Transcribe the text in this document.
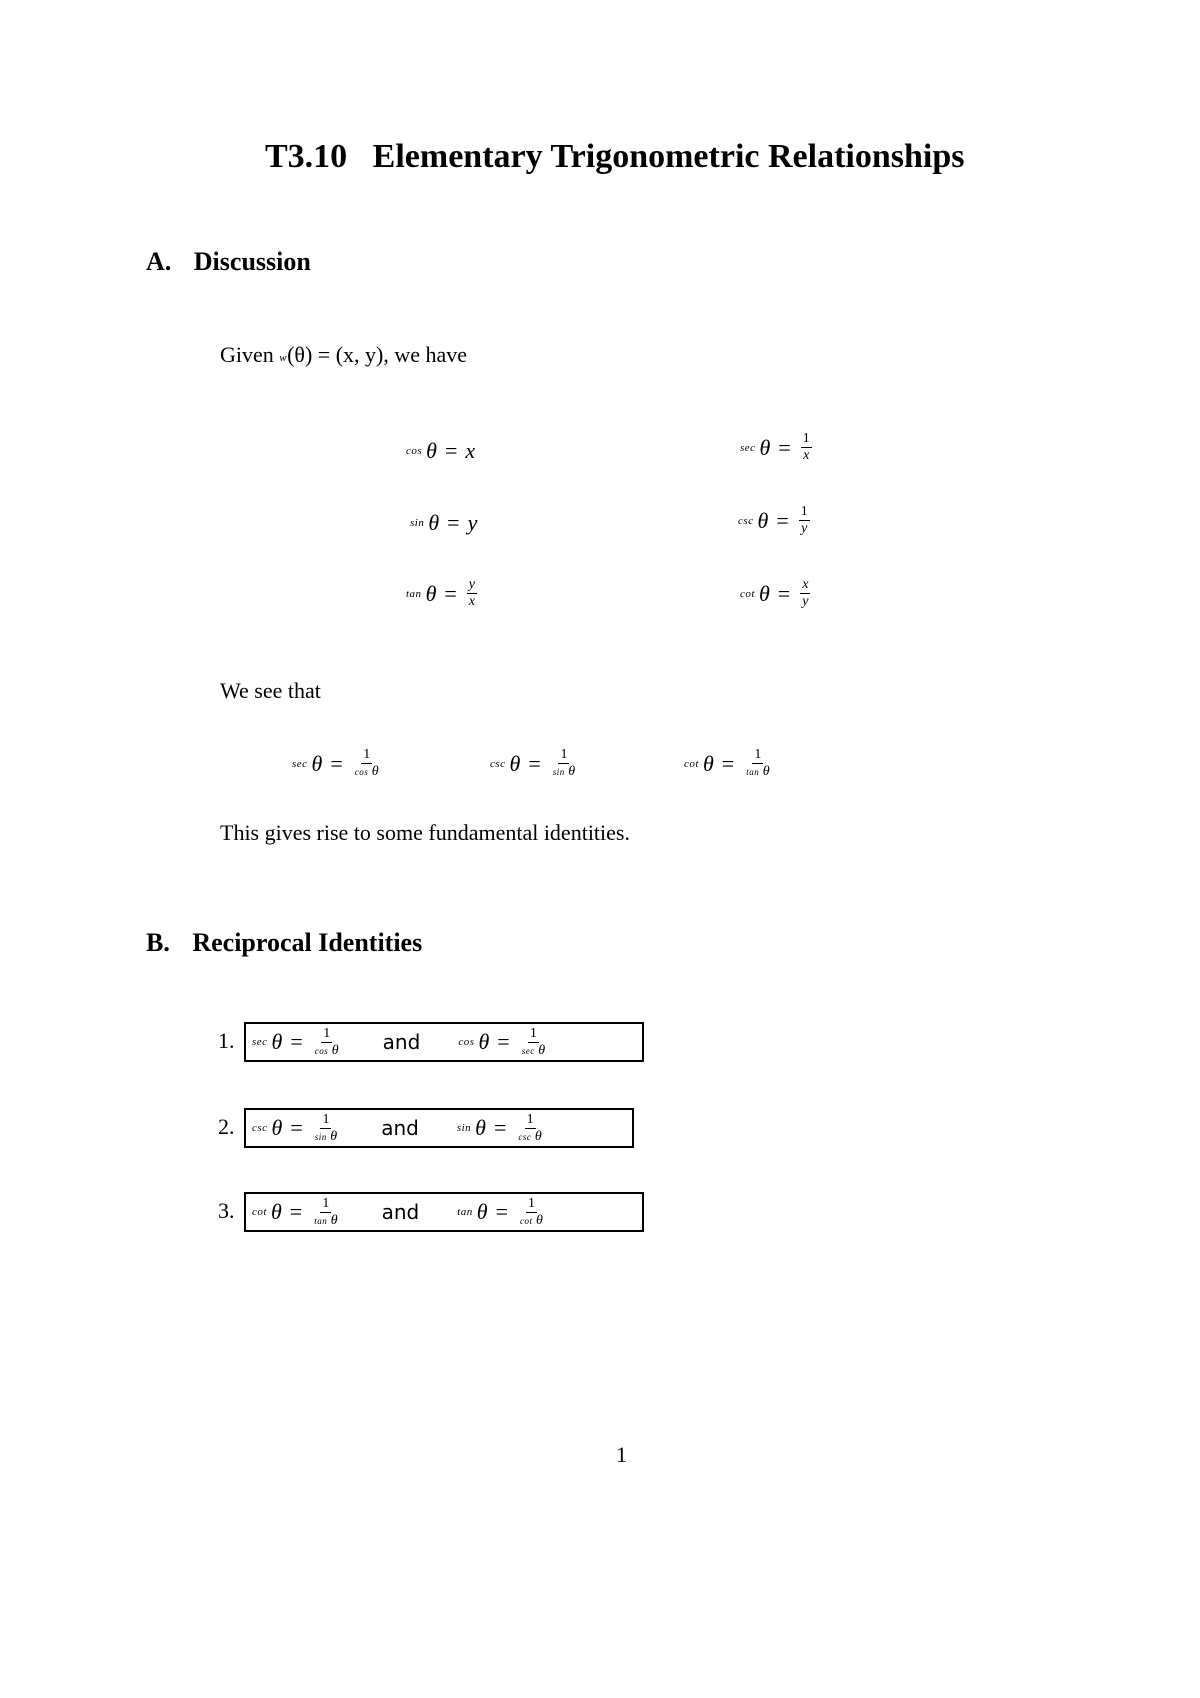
T3.10   Elementary Trigonometric Relationships
A. Discussion
Given w(θ) = (x, y), we have
cos θ = x	$\sec \theta = \frac{1}{x}$
sin θ = y	$\csc \theta = \frac{1}{y}$
$\tan \theta = \frac{y}{x}$	$\cot \theta = \frac{x}{y}$
We see that
$\sec \theta = \frac{1}{\text{cos θ}}$	$\csc \theta = \frac{1}{\text{sin θ}}$	$\cot \theta = \frac{1}{\text{tan θ}}$
This gives rise to some fundamental identities.
B. Reciprocal Identities
1. $\sec \theta = \frac{1}{\text{cos θ}}$ and	$\cos \theta = \frac{1}{\text{sec θ}}$
2. $\csc \theta = \frac{1}{\text{sin θ}}$ and	$\sin \theta = \frac{1}{\text{csc θ}}$
3. $\cot \theta = \frac{1}{\text{tan θ}}$ and	$\tan \theta = \frac{1}{\text{cot θ}}$
1
